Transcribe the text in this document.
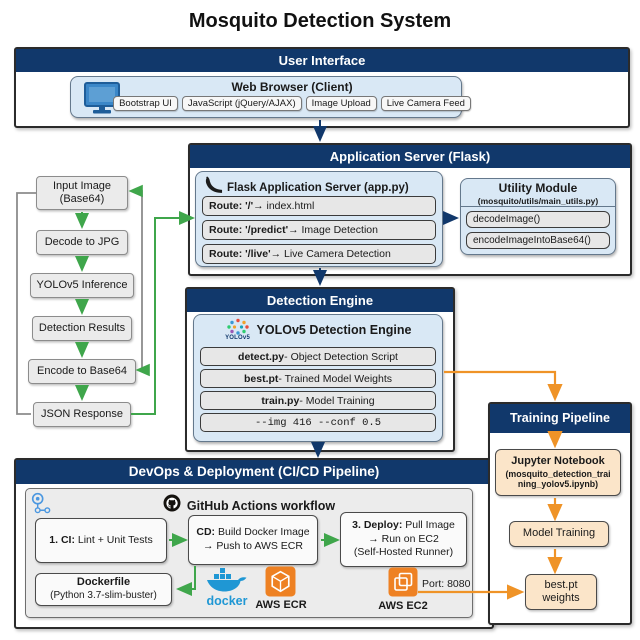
Mosquito Detection System
User Interface
Web Browser (Client)
Bootstrap UI	JavaScript (jQuery/AJAX)	Image Upload	Live Camera Feed
Application Server (Flask)
Flask Application Server (app.py)
Route: '/' → index.html
Route: '/predict' → Image Detection
Route: '/live' → Live Camera Detection
Utility Module
(mosquito/utils/main_utils.py)
decodeImage()
encodeImageIntoBase64()
Input Image
(Base64)
Decode to JPG
YOLOv5 Inference
Detection Results
Encode to Base64
JSON Response
Detection Engine
YOLOv5
YOLOv5 Detection Engine
detect.py - Object Detection Script
best.pt - Trained Model Weights
train.py - Model Training
--img 416 --conf 0.5
DevOps & Deployment (CI/CD Pipeline)
GitHub Actions workflow
1. CI: Lint + Unit Tests
CD: Build Docker Image
→ Push to AWS ECR
3. Deploy: Pull Image
→ Run on EC2
(Self-Hosted Runner)
Dockerfile
(Python 3.7-slim-buster)	docker AWS ECR
Port: 8080
AWS EC2
Training Pipeline
Jupyter Notebook
(mosquito_detection_trai
ning_yolov5.ipynb)
Model Training
best.pt
weights
